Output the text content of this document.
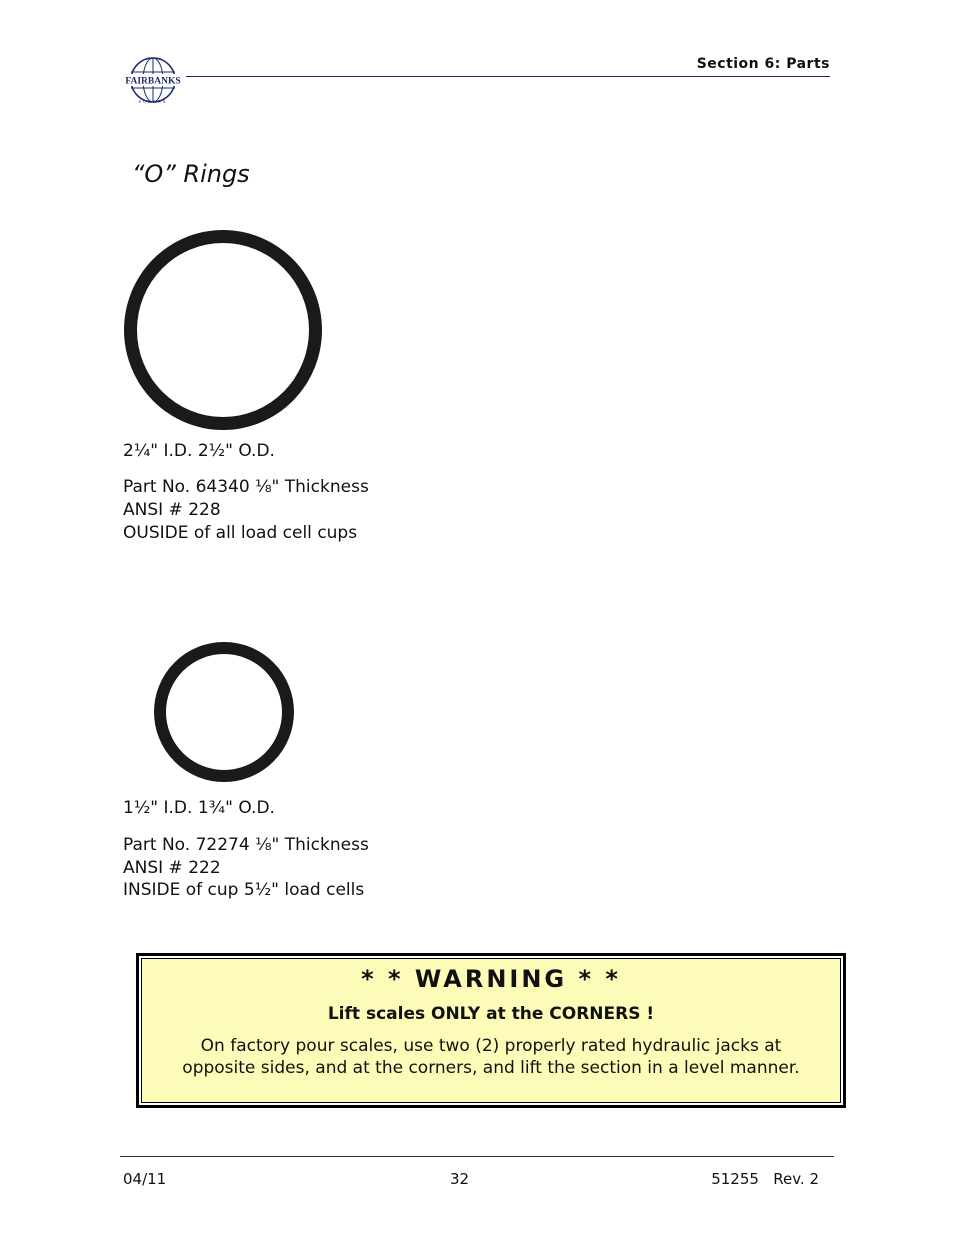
FAIRBANKS
SCALES
Section 6: Parts
“O” Rings
2¼" I.D. 2½" O.D.
Part No. 64340 ⅛" Thickness
ANSI # 228
OUSIDE of all load cell cups
1½" I.D. 1¾" O.D.
Part No. 72274 ⅛" Thickness
ANSI # 222
INSIDE of cup 5½" load cells
* * WARNING * *
Lift scales ONLY at the CORNERS !
On factory pour scales, use two (2) properly rated hydraulic jacks at opposite sides, and at the corners, and lift the section in a level manner.
04/11	32	51255   Rev. 2
